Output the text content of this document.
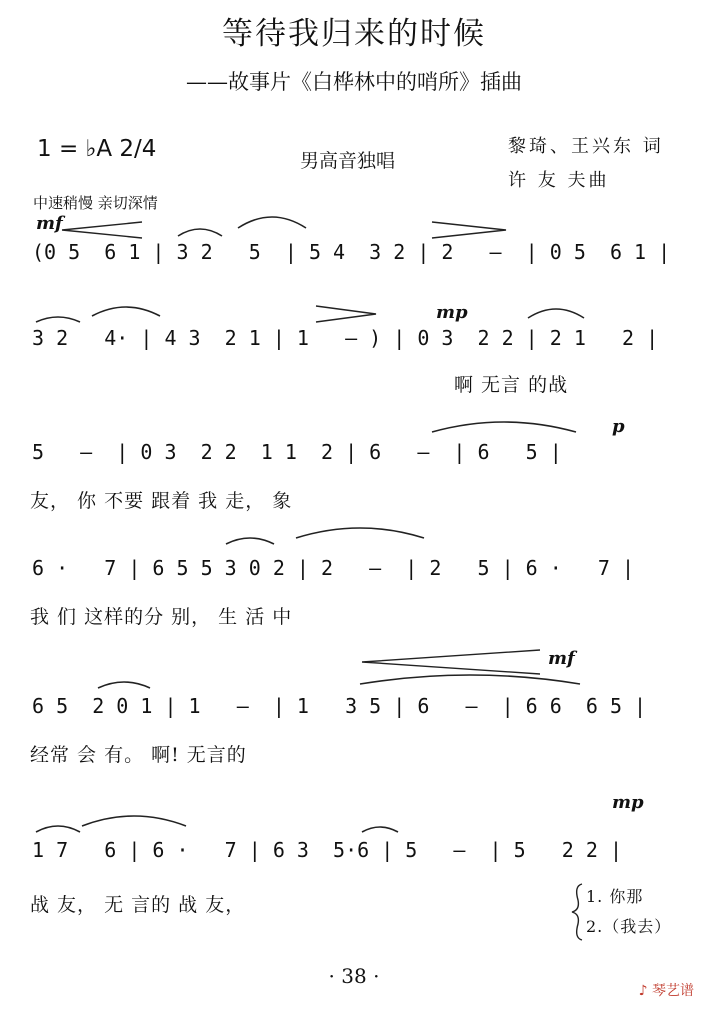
等待我归来的时候
——故事片《白桦林中的哨所》插曲
1 = ♭A 2/4	男高音独唱
黎琦、王兴东 词
许 友 夫曲
中速稍慢 亲切深情
mf
(0 5  6 1 | 3 2   5  | 5 4  3 2 | 2   —  | 0 5  6 1 |
mp
3 2   4· | 4 3  2 1 | 1   — ) | 0 3  2 2 | 2 1   2 |
啊 无言 的战
p
5   —  | 0 3  2 2  1 1  2 | 6   —  | 6   5 |
友， 你 不要 跟着 我 走， 象
6 ·   7 | 6 5 5 3 0 2 | 2   —  | 2   5 | 6 ·   7 |
我 们 这样的分 别， 生 活 中
mf
6 5  2 0 1 | 1   —  | 1   3 5 | 6   —  | 6 6  6 5 |
经常 会 有。 啊! 无言的
mp
1 7   6 | 6 ·   7 | 6 3  5·6 | 5   —  | 5   2 2 |
战 友， 无 言的 战 友，	1. 你那
2.（我去）
· 38 ·
♪ 琴艺谱
